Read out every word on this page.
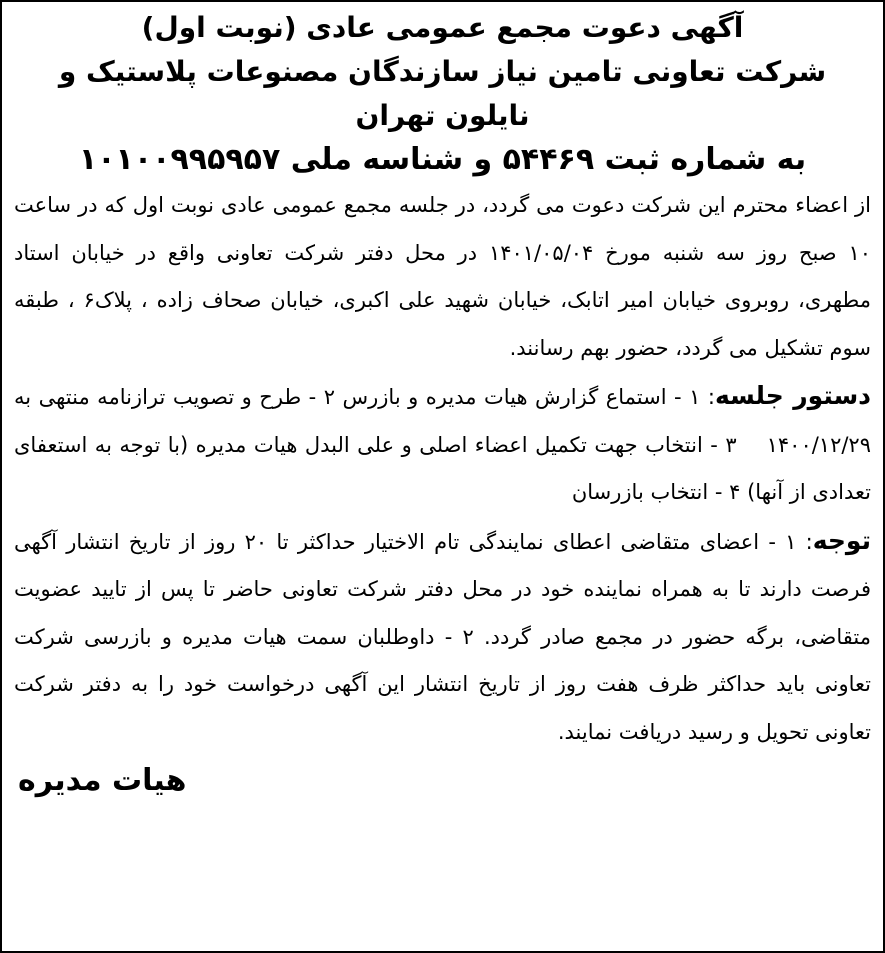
آگهی دعوت مجمع عمومی عادی (نوبت اول)

شرکت تعاونی تامین نیاز سازندگان مصنوعات پلاستیک و نایلون تهران

به شماره ثبت ۵۴۴۶۹ و شناسه ملی ۱۰۱۰۰۹۹۵۹۵۷

از اعضاء محترم این شرکت دعوت می گردد، در جلسه مجمع عمومی عادی نوبت اول که در ساعت ۱۰ صبح روز سه شنبه مورخ ۱۴۰۱/۰۵/۰۴ در محل دفتر شرکت تعاونی واقع در خیابان استاد مطهری، روبروی خیابان امیر اتابک، خیابان شهید علی اکبری، خیابان صحاف زاده ، پلاک۶ ، طبقه سوم تشکیل می گردد، حضور بهم رسانند.

دستور جلسه: ۱ - استماع گزارش هیات مدیره و بازرس ۲ - طرح و تصویب ترازنامه منتهی به ۱۴۰۰/۱۲/۲۹۳ - انتخاب جهت تکمیل اعضاء اصلی و علی البدل هیات مدیره (با توجه به استعفای تعدادی از آنها) ۴ - انتخاب بازرسان

توجه: ۱ - اعضای متقاضی اعطای نمایندگی تام الاختیار حداکثر تا ۲۰ روز از تاریخ انتشار آگهی فرصت دارند تا به همراه نماینده خود در محل دفتر شرکت تعاونی حاضر تا پس از تایید عضویت متقاضی، برگه حضور در مجمع صادر گردد. ۲ - داوطلبان سمت هیات مدیره و بازرسی شرکت تعاونی باید حداکثر ظرف هفت روز از تاریخ انتشار این آگهی درخواست خود را به دفتر شرکت تعاونی تحویل و رسید دریافت نمایند.

هیات مدیره
